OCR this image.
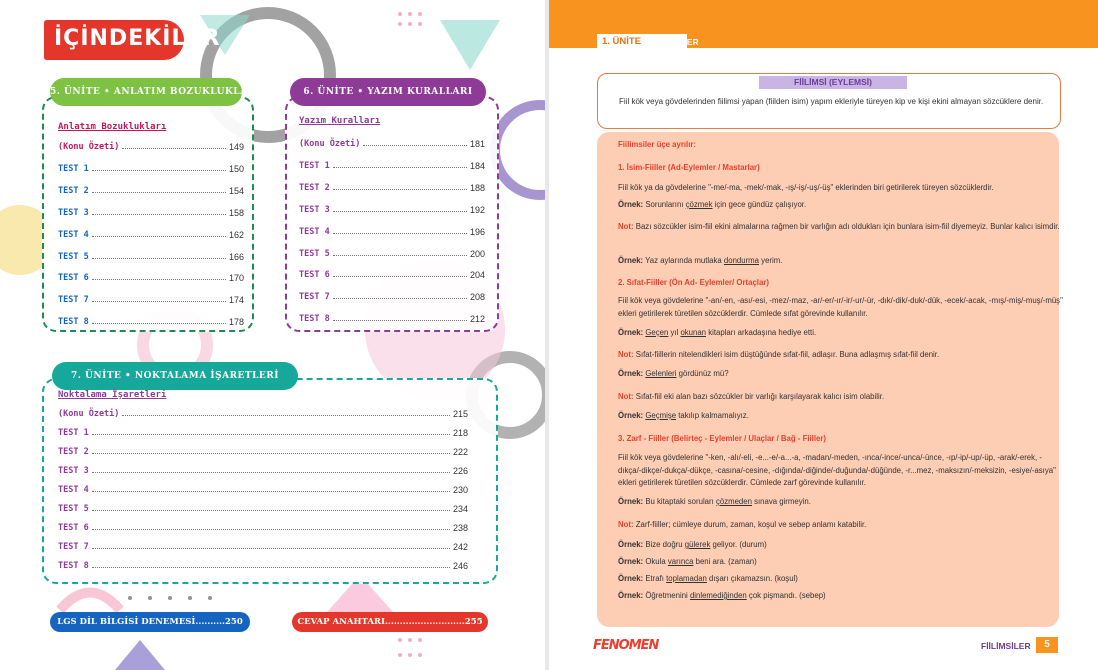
İÇİNDEKİLER
5. ÜNİTE • ANLATIM BOZUKLUKLARI
Anlatım Bozuklukları
(Konu Özeti)	149
TEST 1	150
TEST 2	154
TEST 3	158
TEST 4	162
TEST 5	166
TEST 6	170
TEST 7	174
TEST 8	178
6. ÜNİTE • YAZIM KURALLARI
Yazım Kuralları
(Konu Özeti)	181
TEST 1	184
TEST 2	188
TEST 3	192
TEST 4	196
TEST 5	200
TEST 6	204
TEST 7	208
TEST 8	212
7. ÜNİTE • NOKTALAMA İŞARETLERİ
Noktalama İşaretleri
(Konu Özeti)	215
TEST 1	218
TEST 2	222
TEST 3	226
TEST 4	230
TEST 5	234
TEST 6	238
TEST 7	242
TEST 8	246
LGS DİL BİLGİSİ DENEMESİ..........250	CEVAP ANAHTARI...........................255
1. ÜNİTE FİİLİMSİLER
FİİLİMSİ (EYLEMSİ)
Fiil kök veya gövdelerinden fiilimsi yapan (fiilden isim) yapım ekleriyle türeyen kip ve kişi ekini almayan sözcüklere denir.
Fiilimsiler üçe ayrılır:
1. İsim-Fiiller (Ad-Eylemler / Mastarlar)
Fiil kök ya da gövdelerine "-me/-ma, -mek/-mak, -ış/-iş/-uş/-üş" eklerinden biri getirilerek türeyen sözcüklerdir.
Örnek: Sorunlarını çözmek için gece gündüz çalışıyor.
Not: Bazı sözcükler isim-fiil ekini almalarına rağmen bir varlığın adı oldukları için bunlara isim-fiil diyemeyiz. Bunlar kalıcı isimdir.
Örnek: Yaz aylarında mutlaka dondurma yerim.
2. Sıfat-Fiiller (Ön Ad- Eylemler/ Ortaçlar)
Fiil kök veya gövdelerine "-an/-en, -ası/-esi, -mez/-maz, -ar/-er/-ır/-ir/-ur/-ür, -dık/-dik/-duk/-dük, -ecek/-acak, -mış/-miş/-muş/-müş" ekleri getirilerek türetilen sözcüklerdir. Cümlede sıfat görevinde kullanılır.
Örnek: Geçen yıl okunan kitapları arkadaşına hediye etti.
Not: Sıfat-fiillerin nitelendikleri isim düştüğünde sıfat-fiil, adlaşır. Buna adlaşmış sıfat-fiil denir.
Örnek: Gelenleri gördünüz mü?
Not: Sıfat-fiil eki alan bazı sözcükler bir varlığı karşılayarak kalıcı isim olabilir.
Örnek: Geçmişe takılıp kalmamalıyız.
3. Zarf - Fiiller (Belirteç - Eylemler / Ulaçlar / Bağ - Fiiller)
Fiil kök veya gövdelerine "-ken, -alı/-eli, -e...-e/-a...-a, -madan/-meden, -ınca/-ince/-unca/-ünce, -ıp/-ip/-up/-üp, -arak/-erek, -dıkça/-dikçe/-dukça/-dükçe, -casına/-cesine, -dığında/-diğinde/-duğunda/-düğünde, -r...mez, -maksızın/-meksizin, -esiye/-asıya" ekleri getirilerek türetilen sözcüklerdir. Cümlede zarf görevinde kullanılır.
Örnek: Bu kitaptaki soruları çözmeden sınava girmeyin.
Not: Zarf-fiiller; cümleye durum, zaman, koşul ve sebep anlamı katabilir.
Örnek: Bize doğru gülerek geliyor. (durum)
Örnek: Okula varınca beni ara. (zaman)
Örnek: Etrafı toplamadan dışarı çıkamazsın. (koşul)
Örnek: Öğretmenini dinlemediğinden çok pişmandı. (sebep)
FENOMEN	FİİLİMSİLER	5
